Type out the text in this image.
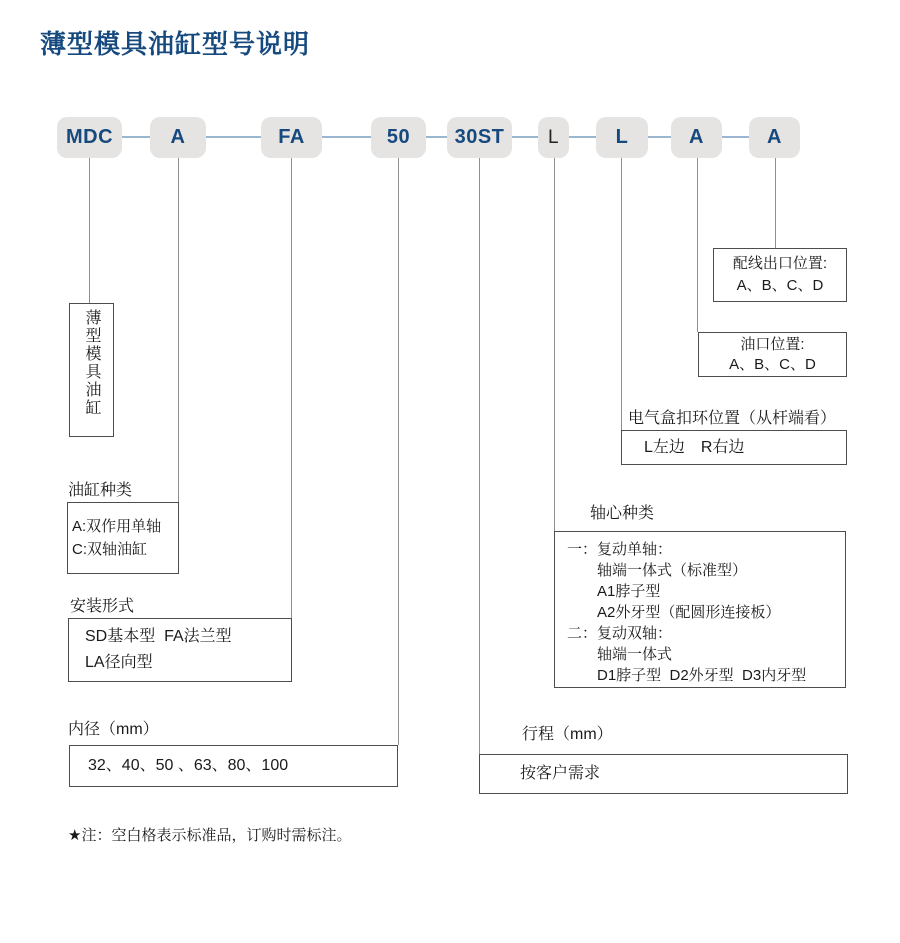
薄型模具油缸型号说明
MDC	A	FA	50	30ST	L	L	A	A
薄型模具油缸
配线出口位置:
A、B、C、D
油口位置:
A、B、C、D
电气盒扣环位置（从杆端看）
L左边　R右边
轴心种类
一：复动单轴：
　　轴端一体式（标准型）
　　A1脖子型
　　A2外牙型（配圆形连接板）
二：复动双轴：
　　轴端一体式
　　D1脖子型  D2外牙型  D3内牙型
油缸种类
A:双作用单轴
C:双轴油缸
安装形式
SD基本型  FA法兰型
LA径向型
内径（mm）
32、40、50 、63、80、100
行程（mm）
按客户需求
★注：空白格表示标准品，订购时需标注。
